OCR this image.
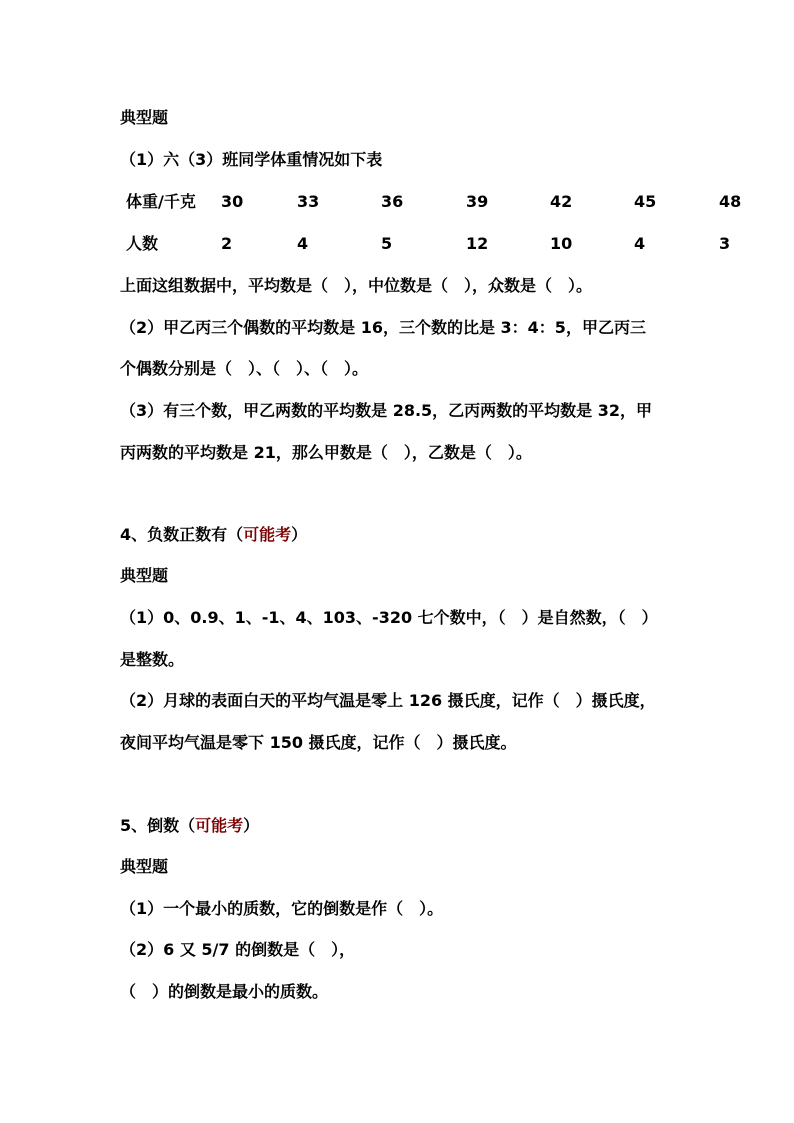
典型题
（1）六（3）班同学体重情况如下表
体重/千克 30	33	36	39	42	45	48
人数	2	4	5	12	10	4	3
上面这组数据中，平均数是（　），中位数是（　），众数是（　）。
（2）甲乙丙三个偶数的平均数是 16，三个数的比是 3：4：5，甲乙丙三
个偶数分别是（　）、（　）、（　）。
（3）有三个数，甲乙两数的平均数是 28.5，乙丙两数的平均数是 32，甲
丙两数的平均数是 21，那么甲数是（　），乙数是（　）。
4、负数正数有（可能考）
典型题
（1）0、0.9、1、-1、4、103、-320 七个数中，（　）是自然数，（　）
是整数。
（2）月球的表面白天的平均气温是零上 126 摄氏度，记作（　）摄氏度，
夜间平均气温是零下 150 摄氏度，记作（　）摄氏度。
5、倒数（可能考）
典型题
（1）一个最小的质数，它的倒数是作（　）。
（2）6 又 5/7 的倒数是（　），
（　）的倒数是最小的质数。
